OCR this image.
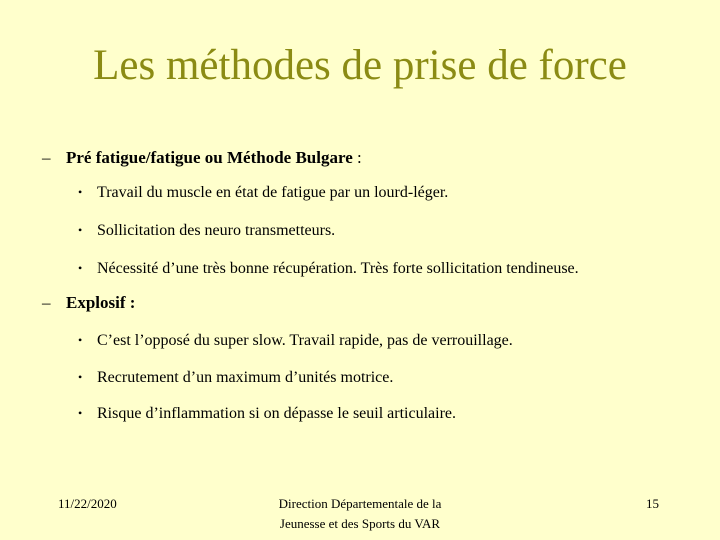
Les méthodes de prise de force
– Pré fatigue/fatigue ou Méthode Bulgare :
• Travail du muscle en état de fatigue par un lourd-léger.
• Sollicitation des neuro transmetteurs.
• Nécessité d’une très bonne récupération. Très forte sollicitation tendineuse.
– Explosif :
• C’est l’opposé du super slow. Travail rapide, pas de verrouillage.
• Recrutement d’un maximum d’unités motrice.
• Risque d’inflammation si on dépasse le seuil articulaire.
11/22/2020	Direction Départementale de la
Jeunesse et des Sports du VAR
15
